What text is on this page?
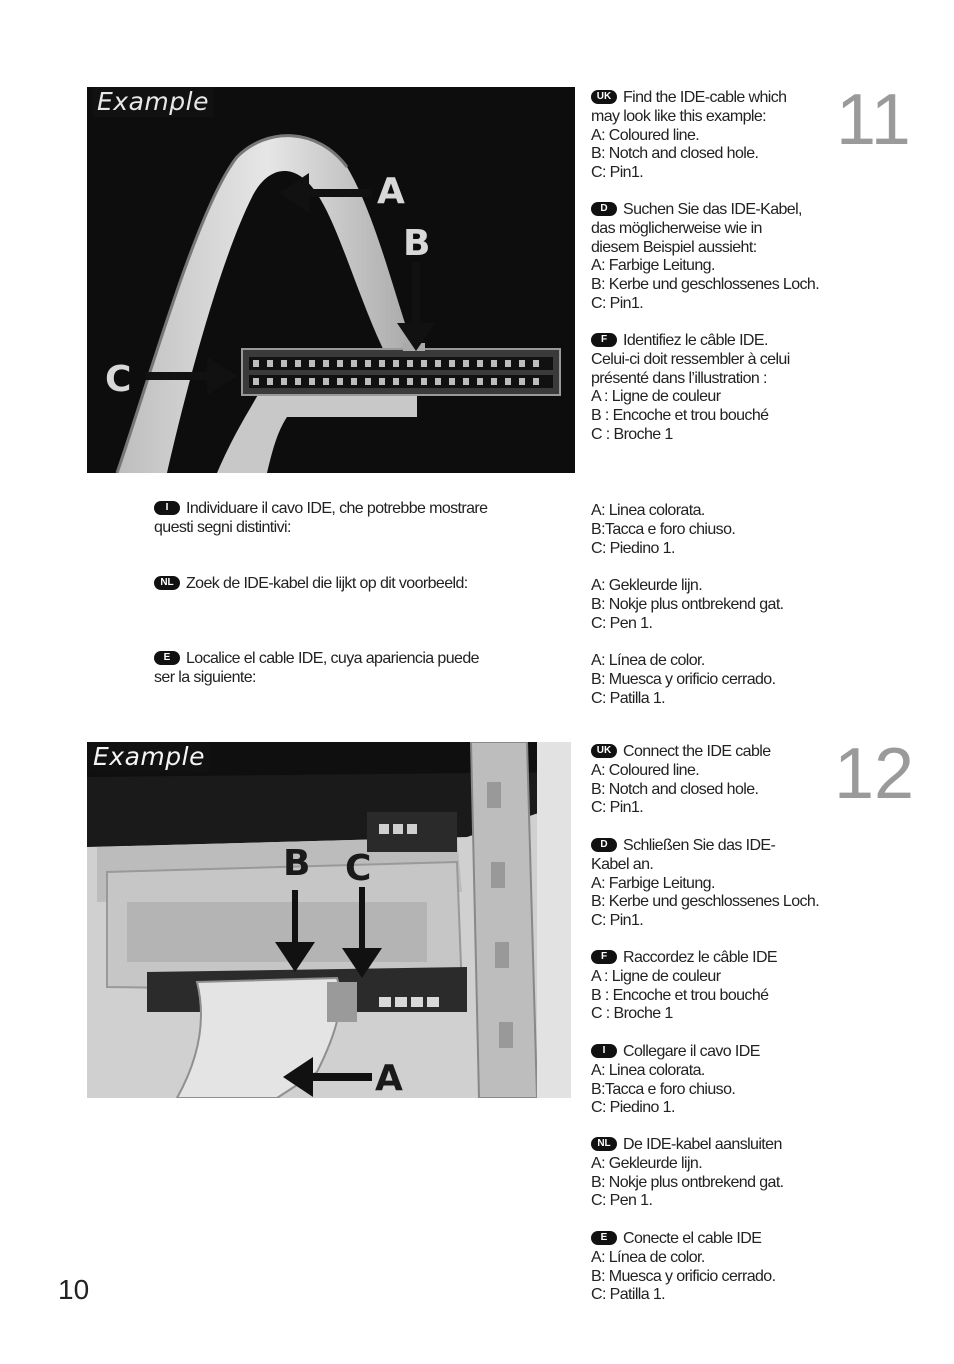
A
B
C
Example	11
UK Find the IDE-cable which
may look like this example:
A: Coloured line.
B: Notch and closed hole.
C: Pin1.
D Suchen Sie das IDE-Kabel,
das möglicherweise wie in
diesem Beispiel aussieht:
A: Farbige Leitung.
B: Kerbe und geschlossenes Loch.
C: Pin1.
F Identifiez le câble IDE.
Celui-ci doit ressembler à celui
présenté dans l’illustration :
A : Ligne de couleur
B : Encoche et trou bouché
C : Broche 1
I Individuare il cavo IDE, che potrebbe mostrare
questi segni distintivi:
A: Linea colorata.
B:Tacca e foro chiuso.
C: Piedino 1.
NL Zoek de IDE-kabel die lijkt op dit voorbeeld:	A: Gekleurde lijn.
B: Nokje plus ontbrekend gat.
C: Pen 1.
E Localice el cable IDE, cuya apariencia puede
ser la siguiente:
A: Línea de color.
B: Muesca y orificio cerrado.
C: Patilla 1.
B C
A
Example	12
UK Connect the IDE cable
A: Coloured line.
B: Notch and closed hole.
C: Pin1.
D Schließen Sie das IDE-
Kabel an.
A: Farbige Leitung.
B: Kerbe und geschlossenes Loch.
C: Pin1.
F Raccordez le câble IDE
A : Ligne de couleur
B : Encoche et trou bouché
C : Broche 1
I Collegare il cavo IDE
A: Linea colorata.
B:Tacca e foro chiuso.
C: Piedino 1.
NL De IDE-kabel aansluiten
A: Gekleurde lijn.
B: Nokje plus ontbrekend gat.
C: Pen 1.
E Conecte el cable IDE
A: Línea de color.
B: Muesca y orificio cerrado.
C: Patilla 1.
10
